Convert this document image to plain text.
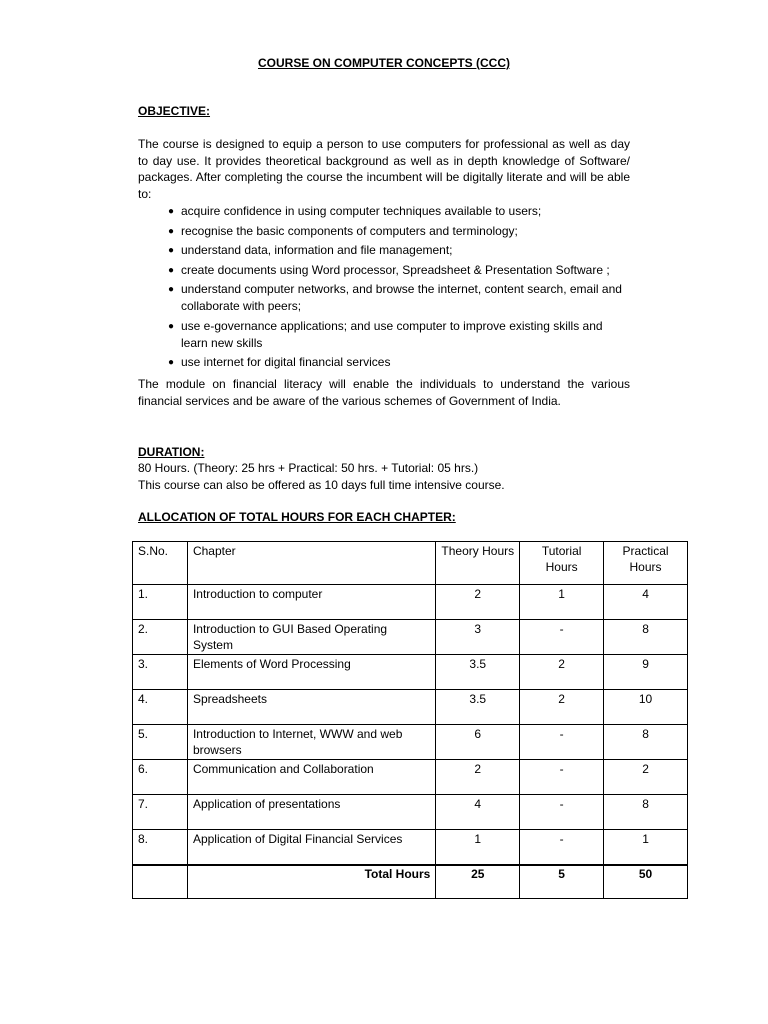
COURSE ON COMPUTER CONCEPTS (CCC)
OBJECTIVE:
The course is designed to equip a person to use computers for professional as well as day to day use. It provides theoretical background as well as in depth knowledge of Software/ packages. After completing the course the incumbent will be digitally literate and will be able to:
● acquire confidence in using computer techniques available to users;
● recognise the basic components of computers and terminology;
● understand data, information and file management;
● create documents using Word processor, Spreadsheet & Presentation Software ;
● understand computer networks, and browse the internet, content search, email and collaborate with peers;
● use e-governance applications; and use computer to improve existing skills and learn new skills
● use internet for digital financial services
The module on financial literacy will enable the individuals to understand the various financial services and be aware of the various schemes of Government of India.
DURATION:
80 Hours. (Theory: 25 hrs + Practical: 50 hrs. + Tutorial: 05 hrs.)
This course can also be offered as 10 days full time intensive course.
ALLOCATION OF TOTAL HOURS FOR EACH CHAPTER:
S.No.	Chapter	Theory Hours	Tutorial Hours	Practical Hours
1.	Introduction to computer	2	1	4
2.	Introduction to GUI Based Operating System	3	-	8
3.	Elements of Word Processing	3.5	2	9
4.	Spreadsheets	3.5	2	10
5.	Introduction to Internet, WWW and web browsers	6	-	8
6.	Communication and Collaboration	2	-	2
7.	Application of presentations	4	-	8
8.	Application of Digital Financial Services	1	-	1
	Total Hours	25	5	50
